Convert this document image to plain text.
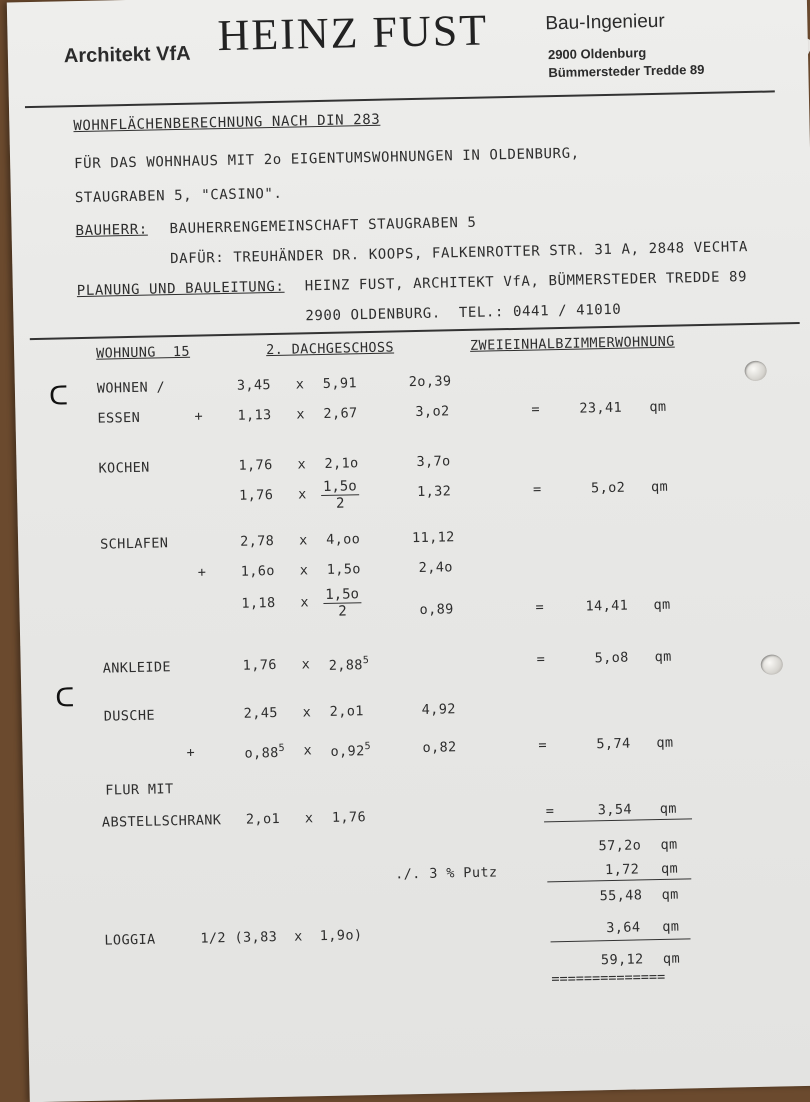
Architekt VfA HEINZ FUST	Bau-Ingenieur
2900 Oldenburg
Bümmersteder Tredde 89
WOHNFLÄCHENBERECHNUNG NACH DIN 283
FÜR DAS WOHNHAUS MIT 2o EIGENTUMSWOHNUNGEN IN OLDENBURG,
STAUGRABEN 5, "CASINO".
BAUHERR: BAUHERRENGEMEINSCHAFT STAUGRABEN 5
DAFÜR: TREUHÄNDER DR. KOOPS, FALKENROTTER STR. 31 A, 2848 VECHTA
PLANUNG UND BAULEITUNG: HEINZ FUST, ARCHITEKT VfA, BÜMMERSTEDER TREDDE 89
2900 OLDENBURG.  TEL.: 0441 / 41010
WOHNUNG  15	2. DACHGESCHOSS	ZWEIEINHALBZIMMERWOHNUNG
ᑕ
ᑕ
WOHNEN /	3,45 x 5,91	2o,39
ESSEN	+	1,13 x 2,67	3,o2	=	23,41 qm
KOCHEN	1,76 x 2,1o	3,7o
1,76 x $\frac{1,5o}{2}$	1,32	=	5,o2 qm
SCHLAFEN	2,78 x 4,oo	11,12
+	1,6o x 1,5o	2,4o
1,18 x $\frac{1,5o}{2}$	o,89	=	14,41 qm
ANKLEIDE	1,76 x $2,88^5$	=	5,o8 qm
DUSCHE	2,45 x 2,o1	4,92
+	$o,88^5$ x $o,92^5$	o,82	=	5,74 qm
FLUR MIT
ABSTELLSCHRANK 2,o1 x 1,76	=	3,54 qm
57,2o qm
./. 3 % Putz	1,72 qm
55,48 qm
LOGGIA	1/2 (3,83  x  1,9o)	3,64 qm
59,12 qm
==============
